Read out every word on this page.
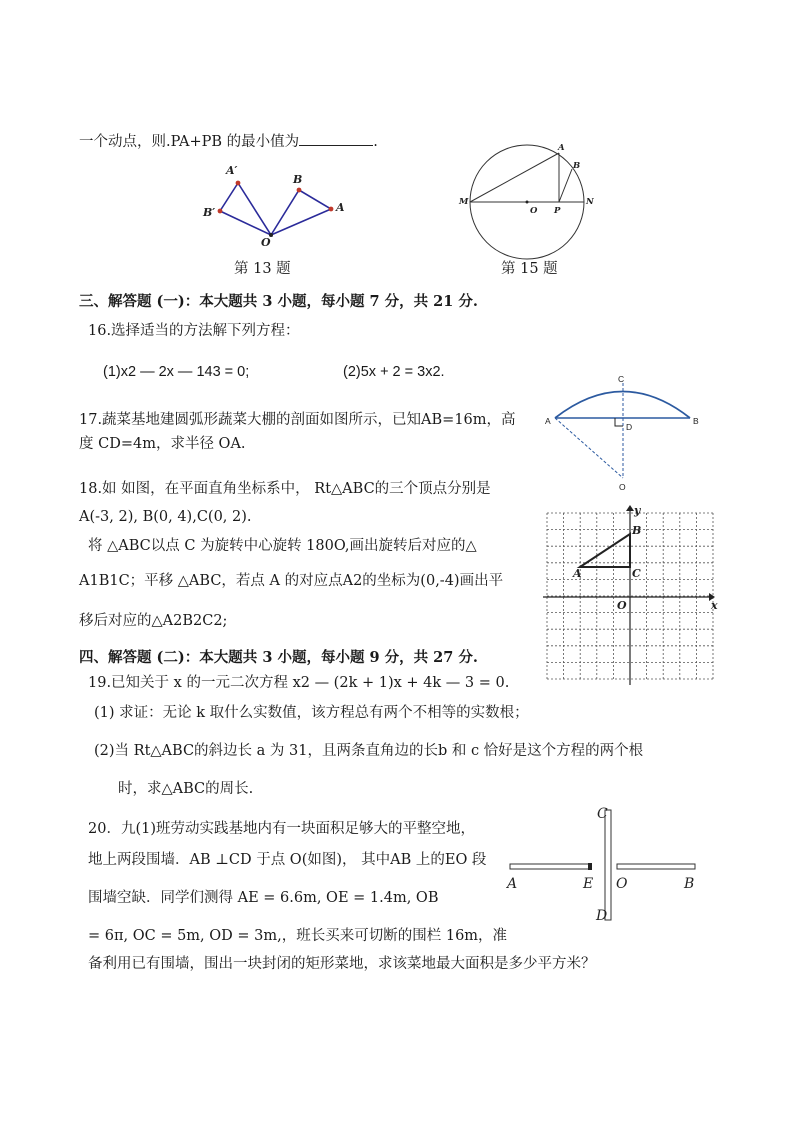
一个动点，则.PA+PB 的最小值为	.
A′
B′
O
B
A
第 13 题
A
B
M
O P
N
第 15 题
三、解答题 (一)：本大题共 3 小题，每小题 7 分，共 21 分.
16.选择适当的方法解下列方程：
(1)x2 — 2x — 143 = 0;	(2)5x + 2 = 3x2.
17.蔬菜基地建圆弧形蔬菜大棚的剖面如图所示，已知AB=16m，高
度 CD=4m，求半径 OA.
C
A	B
D
O
18.如 如图，在平面直角坐标系中， Rt△ABC的三个顶点分别是
A(-3, 2), B(0, 4),C(0, 2).
将 △ABC以点 C 为旋转中心旋转 180O,画出旋转后对应的△
A1B1C；平移 △ABC，若点 A 的对应点A2的坐标为(0,-4)画出平
移后对应的△A2B2C2;
y
x
B
A	C
O
四、解答题 (二)：本大题共 3 小题，每小题 9 分，共 27 分.
19.已知关于 x 的一元二次方程 x2 — (2k + 1)x + 4k — 3 = 0.
(1) 求证：无论 k 取什么实数值，该方程总有两个不相等的实数根；
(2)当 Rt△ABC的斜边长 a 为 31，且两条直角边的长b 和 c 恰好是这个方程的两个根
时，求△ABC的周长.
20．九(1)班劳动实践基地内有一块面积足够大的平整空地，
地上两段围墙．AB ⊥CD 于点 O(如图)， 其中AB 上的EO 段
围墙空缺．同学们测得 AE = 6.6m, OE = 1.4m, OB
= 6π, OC = 5m, OD = 3m,，班长买来可切断的围栏 16m，准
备利用已有围墙，围出一块封闭的矩形菜地，求该菜地最大面积是多少平方米？
C
A	E O	B
D
